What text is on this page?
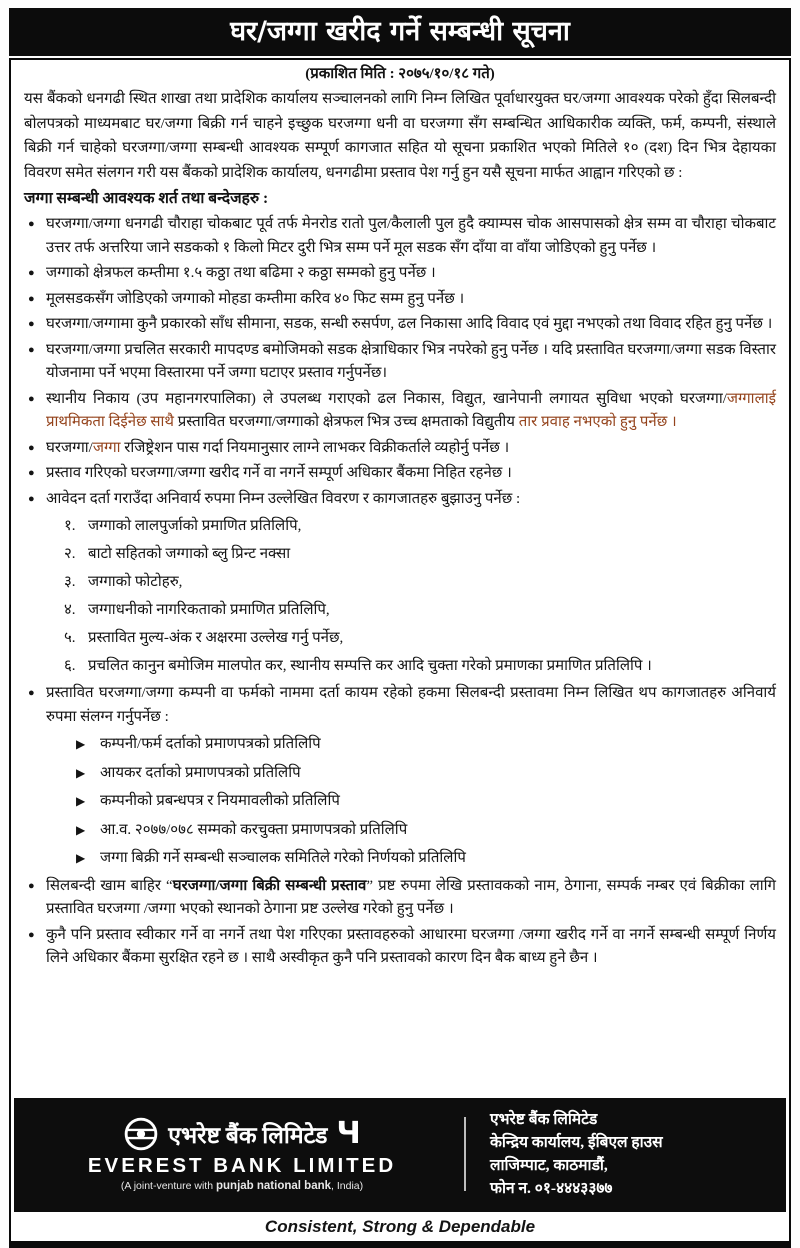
घर/जग्गा खरीद गर्ने सम्बन्धी सूचना
(प्रकाशित मिति : २०७५/१०/१८ गते)

यस बैंकको धनगढी स्थित शाखा तथा प्रादेशिक कार्यालय सञ्चालनको लागि निम्न लिखित पूर्वाधारयुक्त घर/जग्गा आवश्यक परेको हुँदा सिलबन्दी बोलपत्रको माध्यमबाट घर/जग्गा बिक्री गर्न चाहने इच्छुक घरजग्गा धनी वा घरजग्गा सँग सम्बन्धित आधिकारीक व्यक्ति, फर्म, कम्पनी, संस्थाले बिक्री गर्न चाहेको घरजग्गा/जग्गा सम्बन्धी आवश्यक सम्पूर्ण कागजात सहित यो सूचना प्रकाशित भएको मितिले १० (दश) दिन भित्र देहायका विवरण समेत संलगन गरी यस बैंकको प्रादेशिक कार्यालय, धनगढीमा प्रस्ताव पेश गर्नु हुन यसै सूचना मार्फत आह्वान गरिएको छ :

जग्गा सम्बन्धी आवश्यक शर्त तथा बन्देजहरु :
● घरजग्गा/जग्गा धनगढी चौराहा चोकबाट पूर्व तर्फ मेनरोड रातो पुल/कैलाली पुल हुदै क्याम्पस चोक आसपासको क्षेत्र सम्म वा चौराहा चोकबाट उत्तर तर्फ अत्तरिया जाने सडकको १ किलो मिटर दुरी भित्र सम्म पर्ने मूल सडक सँग दाँया वा वाँया जोडिएको हुनु पर्नेछ ।
● जग्गाको क्षेत्रफल कम्तीमा १.५ कठ्ठा तथा बढिमा २ कठ्ठा सम्मको हुनु पर्नेछ ।
● मूलसडकसँग जोडिएको जग्गाको मोहडा कम्तीमा करिव ४० फिट सम्म हुनु पर्नेछ ।
● घरजग्गा/जग्गामा कुनै प्रकारको साँध सीमाना, सडक, सन्धी रुसर्पण, ढल निकासा आदि विवाद एवं मुद्दा नभएको तथा विवाद रहित हुनु पर्नेछ ।
● घरजग्गा/जग्गा प्रचलित सरकारी मापदण्ड बमोजिमको सडक क्षेत्राधिकार भित्र नपरेको हुनु पर्नेछ । यदि प्रस्तावित घरजग्गा/जग्गा सडक विस्तार योजनामा पर्ने भएमा विस्तारमा पर्ने जग्गा घटाएर प्रस्ताव गर्नुपर्नेछ।
● स्थानीय निकाय (उप महानगरपालिका) ले उपलब्ध गराएको ढल निकास, विद्युत, खानेपानी लगायत सुविधा भएको घरजग्गा/जग्गालाई प्राथमिकता दिईनेछ साथै प्रस्तावित घरजग्गा/जग्गाको क्षेत्रफल भित्र उच्च क्षमताको विद्युतीय तार प्रवाह नभएको हुनु पर्नेछ ।
● घरजग्गा/जग्गा रजिष्ट्रेशन पास गर्दा नियमानुसार लाग्ने लाभकर विक्रीकर्ताले व्यहोर्नु पर्नेछ ।
● प्रस्ताव गरिएको घरजग्गा/जग्गा खरीद गर्ने वा नगर्ने सम्पूर्ण अधिकार बैंकमा निहित रहनेछ ।
● आवेदन दर्ता गराउँदा अनिवार्य रुपमा निम्न उल्लेखित विवरण र कागजातहरु बुझाउनु पर्नेछ :
१. जग्गाको लालपुर्जाको प्रमाणित प्रतिलिपि,
२. बाटो सहितको जग्गाको ब्लु प्रिन्ट नक्सा
३. जग्गाको फोटोहरु,
४. जग्गाधनीको नागरिकताको प्रमाणित प्रतिलिपि,
५. प्रस्तावित मुल्य-अंक र अक्षरमा उल्लेख गर्नु पर्नेछ,
६. प्रचलित कानुन बमोजिम मालपोत कर, स्थानीय सम्पत्ति कर आदि चुक्ता गरेको प्रमाणका प्रमाणित प्रतिलिपि ।
● प्रस्तावित घरजग्गा/जग्गा कम्पनी वा फर्मको नाममा दर्ता कायम रहेको हकमा सिलबन्दी प्रस्तावमा निम्न लिखित थप कागजातहरु अनिवार्य रुपमा संलग्न गर्नुपर्नेछ :
▶ कम्पनी/फर्म दर्ताको प्रमाणपत्रको प्रतिलिपि
▶ आयकर दर्ताको प्रमाणपत्रको प्रतिलिपि
▶ कम्पनीको प्रबन्धपत्र र नियमावलीको प्रतिलिपि
▶ आ.व. २०७७/०७८ सम्मको करचुक्ता प्रमाणपत्रको प्रतिलिपि
▶ जग्गा बिक्री गर्ने सम्बन्धी सञ्चालक समितिले गरेको निर्णयको प्रतिलिपि
● सिलबन्दी खाम बाहिर “घरजग्गा/जग्गा बिक्री सम्बन्धी प्रस्ताव” प्रष्ट रुपमा लेखि प्रस्तावकको नाम, ठेगाना, सम्पर्क नम्बर एवं बिक्रीका लागि प्रस्तावित घरजग्गा /जग्गा भएको स्थानको ठेगाना प्रष्ट उल्लेख गरेको हुनु पर्नेछ ।
● कुनै पनि प्रस्ताव स्वीकार गर्ने वा नगर्ने तथा पेश गरिएका प्रस्तावहरुको आधारमा घरजग्गा /जग्गा खरीद गर्ने वा नगर्ने सम्बन्धी सम्पूर्ण निर्णय लिने अधिकार बैंकमा सुरक्षित रहने छ । साथै अस्वीकृत कुनै पनि प्रस्तावको कारण दिन बैक बाध्य हुने छैन ।
एभरेष्ट बैंक लिमिटेड Ч
EVEREST BANK LIMITED
(A joint-venture with punjab national bank, India)
एभरेष्ट बैंक लिमिटेड
केन्द्रिय कार्यालय, ईबिएल हाउस
लाजिम्पाट, काठमाडौं,
फोन न. ०१-४४४३३७७
Consistent, Strong & Dependable
